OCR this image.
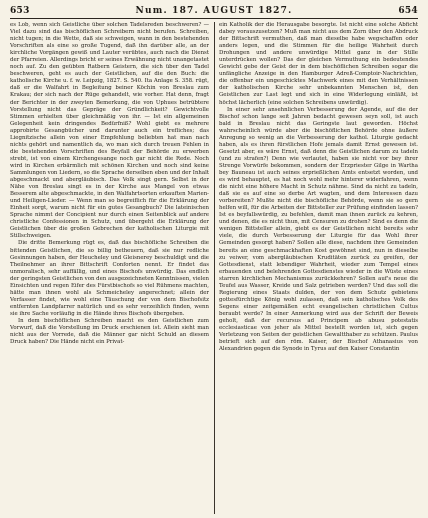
653	Num. 187. AUGUST 1827.	654

es Lob, wenn sich Geistliche über solchen Tadelsreden beschweren? — Viel dazu sind das bischöflichen Schreibern nicht berufen. Schreiben, nicht tugen; in die Wette, daß sie schweigen, wann in den bestehenden Vorschriften als eine so große Tugend, daß ihn darüber alle, an der kirchliche Vorgängen gewiß und Lauter verübtes, auch nach die Dienst der Pfarreien. Allerdings bricht er seines Erwähnung nicht unangetastet noch auf. Zu den geübten Ratbern Geistern, die sich über den Tadel beschweren, geht es auch der Geistlichen, auf die den Buch: die katholische Kirche u. f. w. Leipzig, 1827. S. 540. Ita Anlage S. 358. rügt, daß er die Walfahrt in Begleitung beiner Köchin von Breslau zum Krakau; der sich nach der Rüge gehandelt, wie vorher. Hat denn, fragt der Berichter in der zweyten Bemerkung, die von Uphues betrübtere Vorstellung nicht das Gepräge der Gründlichkeit? Gewichtvolle Stimmen erhielten über gleichmäßig von ihr. — Ist ein allgemeinen Gelegenheit kein dringendes Bedürfniß? Wohl giebt es mehrere approbirte Gesangbücher und darunter auch ein trefliches; das Liegnitzische allein von einer Empfehlung beliebten hat man nach nichts gehört und namentlich da, wo man sich durch treuen Fehlen in die bestehenden Vorschriften des Beyfall der Behörde zu erwerben strebt, ist von einem Kirchengesange noch gar nicht die Rede. Noch wird in Kirchen erbärmlich mit schönen Kirchen und noch sind keine Sammlungen von Liedern, so die Sprache derselben eben und der Inhalt abgeschmackt und abergläubisch. Das Volk singt gern. Selbst in der Nähe von Breslau singt es in der Kirche aus Mangel von etwas Besserem alte abgeschmackte, in den Walfahrtsorten erkauften Marien- und Heiligen-Lieder. — Wenn man so begreiflich für die Erklärung der Einheit sorgt, warum nicht für ein gutes Gesangbuch? Die lateinischen Sprache nimmt der Concipient nur durch einen Seitenblick auf andere christliche Confessionen in Schutz, und übergeht die Erklärung der Geistlichen über die großen Gebrechen der katholischen Liturgie mit Stillschweigen.

Die dritte Bemerkung rügt es, daß das bischöfliche Schreiben die bittenden Geistlichen, die so billig betheuern, daß sie nur redliche Gesinnungen haben, der Heucheley und Gleisnerey beschuldigt und die Theilnehmer an ihrer Bittschrift Conforten nennt. Er findet das unmoralisch, sehr auffällig, und eines Bischofs unwürdig. Das endlich der geringsten Geistlichen von den ausgezeichneten Kenntnissen, vielen Einsichten und regen Eifer des Fürstbischofs so viel Rühmens machten, hätte man ihnen wohl als Schmeicheley angerechnet; allein der Verfasser findet, wie wohl eine Täuschung der von dem Bischofsitz entfernten Landpfarrer natürlich und es sehr verzeihlich finden, wenn sie ihre Sache vorläufig in die Hände ihres Bischofs übergeben.

In dem bischöflichen Schreiben macht es den Geistlichen zum Vorwurf, daß die Vorstellung im Druck erschienen ist. Allein sieht man nicht aus der Vorrede, daß die Männer gar nicht Schuld an diesem Druck haben? Die Hände nicht ein Privat-

ein Katholik der die Herausgabe besorgte. Ist nicht eine solche Abficht dabey vorauszusetzen? Muß man nicht aus dem Zorn über den Abdruck der Bittschrift vermuthen, daß man dieselbe habe wegschaffen oder anders legen, und die Stimmen für die heilige Wahrheit durch Drohungen und andere unwürdige Mittel ganz in der Stille unterdrücken wollen? Das der gleichen Vermuthung ein bedeutendes Gewicht gebe der Geist der in dem bischöflichen Schreiben sogar die unfängliche Anzeige in den Hamburger Adreß-Comptoir-Nachrichten, die offenbar ein ungeschicktes Machwerk eines mit den Verhältnissen der katholischen Kirche sehr unbekannten Menschen ist, den Geistlichen zur Last legt und sich in eine Widerlegung einläßt, ist höchst lächerlich (eine solchen Schreibens unwürdig).

In einer sehr ansehnlichen Verbesserung der Agende, auf die der Bischof schon lange seit Jahren bedacht gewesen seyn soll, ist auch bald in Breslau nicht das Geringste laut geworden. Höchst wahrscheinlich würde aber die bischöflichen Behörde ohne äußere Anregung so wenig an die Verbesserung der kathol. Liturgie gedacht haben, als es ihren fürstlichen Hofe jemals damit Ernst gewesen ist. Gesetzt aber, es wäre Ernst, daß denn die Geistlichen darum zu tadeln (und zu strafen?) Denn wie verlautet, haben sie nicht vor bey ihrer Strenge Vorwürfe bekommen, sondern der Erzpriester Gilge in Wartha bey Bauneau ist auch seines erprießlichen Amts entsetzt worden, und es wird behauptet, es hat noch wohl mehr hinterer widerfahren, wenn die nicht eine höhere Macht in Schutz nähme. Sind da nicht zu tadeln, daß sie es auf eine so derbe Art wagten, und dem Interessen dazu vorbereiten? Mußte nicht die bischöfliche Behörde, wenn sie so gern helfen will, für die Arbeiten der Bittsteller zur Prüfung einfinden lassen? Ist es beyfallswürdig, zu befehlen, damit man ihnen zurück zu kehren, und denen, die es nicht thun, mit Censuren zu drohen? Sind es denn die wenigen Bittsteller allein, giebt es der Geistlichen nicht bereits sehr viele, die durch Verbesserung der Liturgie für das Wohl ihrer Gemeinden gesorgt haben? Sollen alle diese, nachdem ihre Gemeinden bereits an eine geschmackhaften Kost gewöhnet sind, nun in dieselbe zu veiwer, vom abergläubischen Kruditäten zurück zu greifen, der Gottesdienst, statt lebendiger Wahrheit, wieder zum Tempel eines erbauenden und belehrenden Gottesdienstes wieder in die Wüste eines starren kirchlichen Mechanismus zurückkehren? Sollen auf's neue die Teufel aus Wasser, Kreide und Salz getrieben werden? Und das soll die Regierung eines Staats dulden, der von dem Schutz gebietens gottesfürchtige König wohl zulassen, daß sein katholisches Volk des Segens einer zeitgemäßen echt evangelischen christlichen Cultus beraubt werde? In einer Anmerkung wird aus der Schrift der Beweis geholt, daß der recursus ad Principem ab abusu potestatis ecclesiasticae von jeher als Mittel bestellt worden ist, sich gegen Verletzung von Seiten der geistlichen Gewaltthaber zu schützen. Paulus betrieft sich auf den röm. Kaiser, der Bischof Athanasius von Alexandrien gegen die Synode in Tyrus auf den Kaiser Constantin
